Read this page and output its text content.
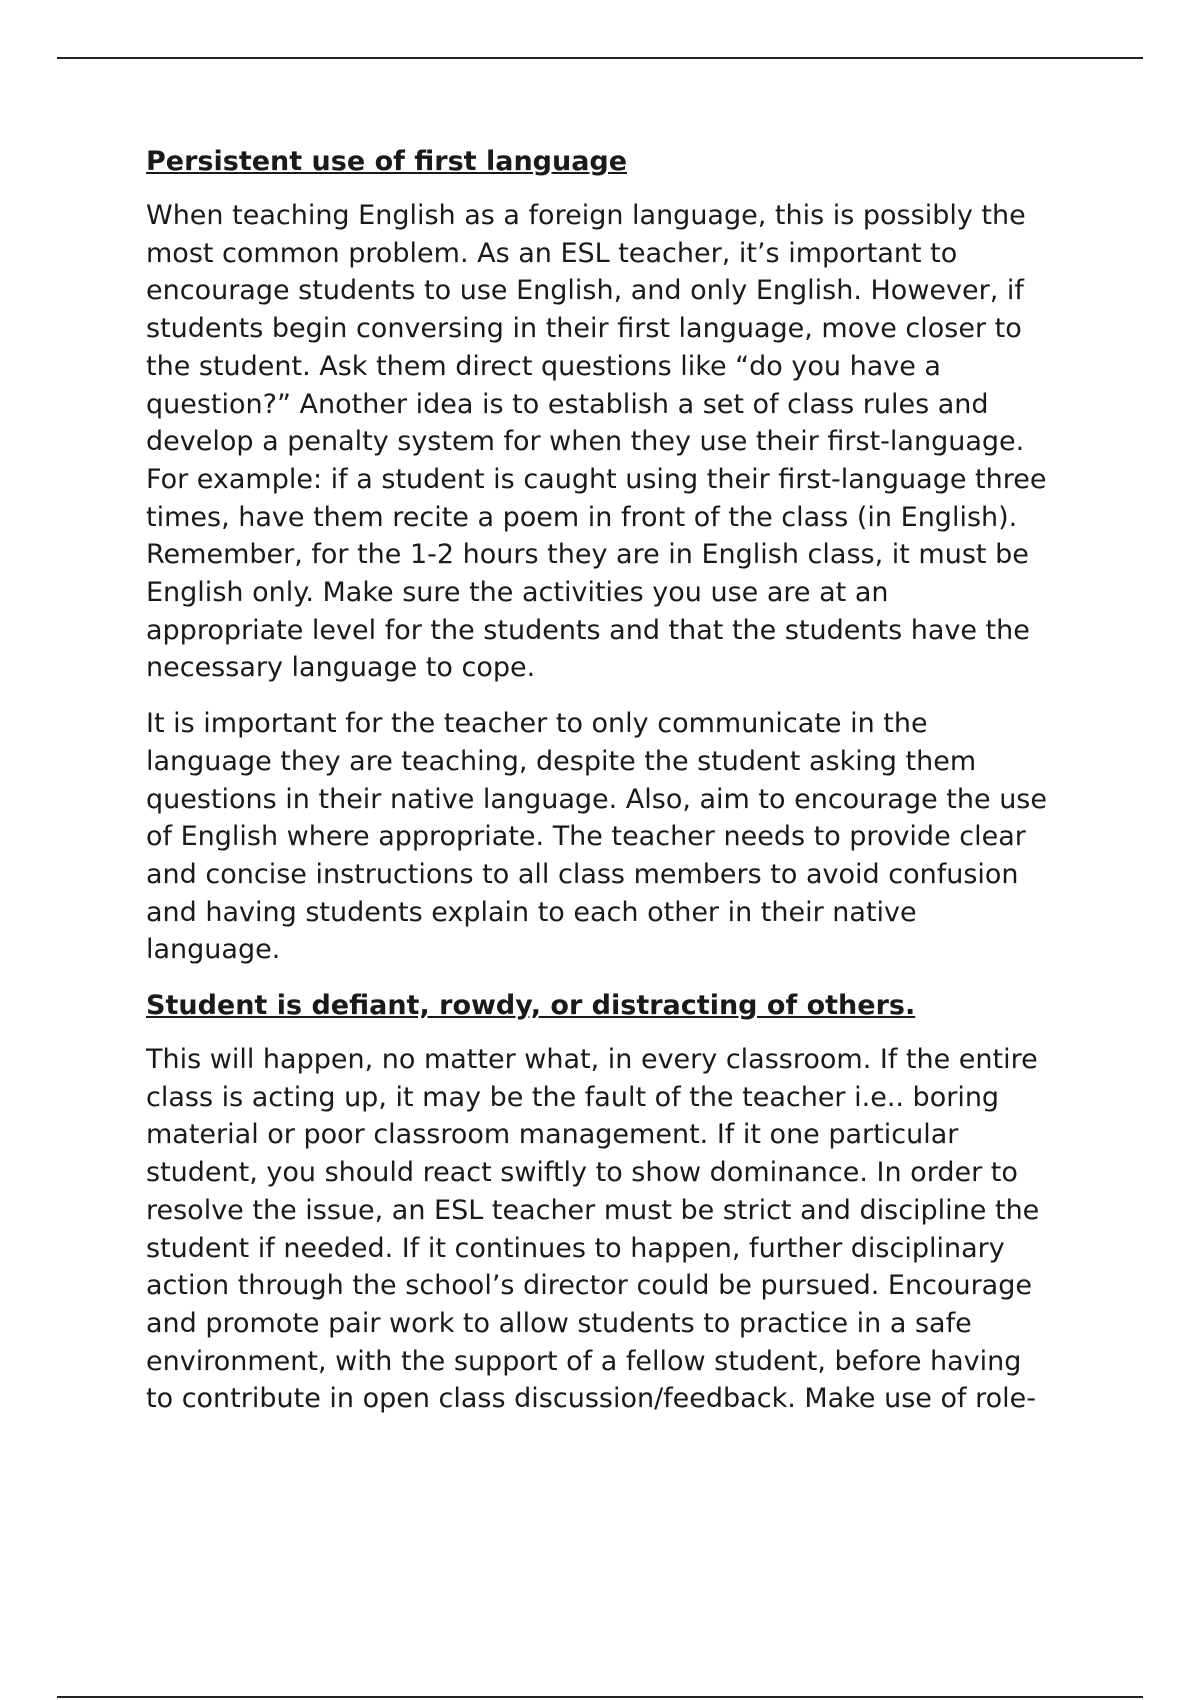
Persistent use of first language
When teaching English as a foreign language, this is possibly the
most common problem. As an ESL teacher, it’s important to
encourage students to use English, and only English. However, if
students begin conversing in their first language, move closer to
the student. Ask them direct questions like “do you have a
question?” Another idea is to establish a set of class rules and
develop a penalty system for when they use their first-language.
For example: if a student is caught using their first-language three
times, have them recite a poem in front of the class (in English).
Remember, for the 1-2 hours they are in English class, it must be
English only. Make sure the activities you use are at an
appropriate level for the students and that the students have the
necessary language to cope.
It is important for the teacher to only communicate in the
language they are teaching, despite the student asking them
questions in their native language. Also, aim to encourage the use
of English where appropriate. The teacher needs to provide clear
and concise instructions to all class members to avoid confusion
and having students explain to each other in their native
language.
Student is defiant, rowdy, or distracting of others.
This will happen, no matter what, in every classroom. If the entire
class is acting up, it may be the fault of the teacher i.e.. boring
material or poor classroom management. If it one particular
student, you should react swiftly to show dominance. In order to
resolve the issue, an ESL teacher must be strict and discipline the
student if needed. If it continues to happen, further disciplinary
action through the school’s director could be pursued. Encourage
and promote pair work to allow students to practice in a safe
environment, with the support of a fellow student, before having
to contribute in open class discussion/feedback. Make use of role-
